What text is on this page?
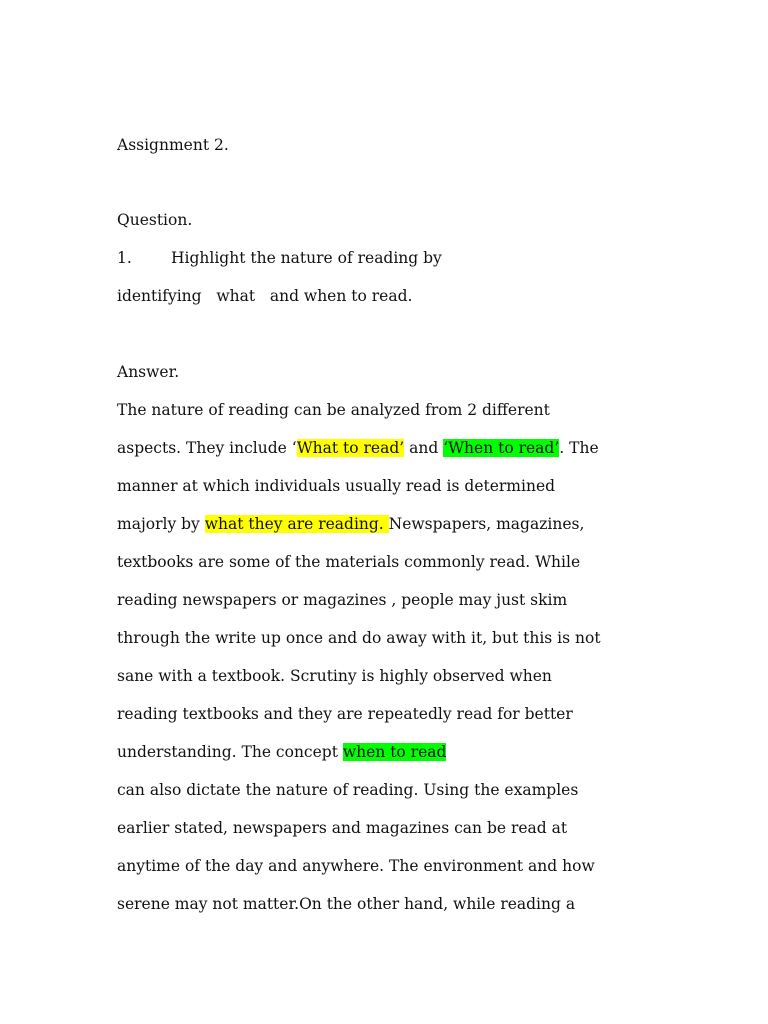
Assignment 2.
Question.
1.	Highlight the nature of reading by
identifying   what   and when to read.
Answer.
The nature of reading can be analyzed from 2 different
aspects. They include ‘What to read’ and ‘When to read’. The
manner at which individuals usually read is determined
majorly by what they are reading. Newspapers, magazines,
textbooks are some of the materials commonly read. While
reading newspapers or magazines , people may just skim
through the write up once and do away with it, but this is not
sane with a textbook. Scrutiny is highly observed when
reading textbooks and they are repeatedly read for better
understanding. The concept when to read
can also dictate the nature of reading. Using the examples
earlier stated, newspapers and magazines can be read at
anytime of the day and anywhere. The environment and how
serene may not matter.On the other hand, while reading a
